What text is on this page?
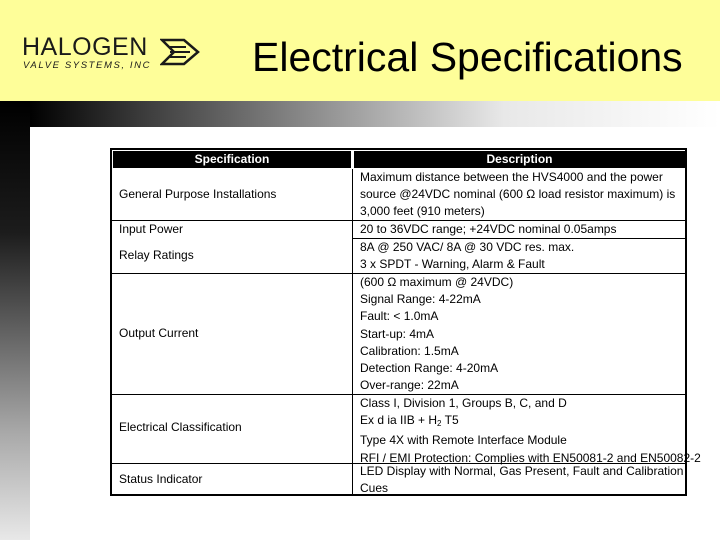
HALOGEN
VALVE SYSTEMS, INC Electrical Specifications
Specification	Description
General Purpose Installations
Maximum distance between the HVS4000 and the power
source @24VDC nominal (600 Ω load resistor maximum) is
3,000 feet (910 meters)
Input Power	20 to 36VDC range; +24VDC nominal 0.05amps
Relay Ratings
8A @ 250 VAC/ 8A @ 30 VDC res. max.
3 x SPDT - Warning, Alarm & Fault
Output Current
(600 Ω maximum @ 24VDC)
Signal Range: 4-22mA
Fault: < 1.0mA
Start-up: 4mA
Calibration: 1.5mA
Detection Range: 4-20mA
Over-range: 22mA
Electrical Classification
Class I, Division 1, Groups B, C, and D
Ex d ia IIB + $H_2$ T5
Type 4X with Remote Interface Module
RFI / EMI Protection: Complies with EN50081-2 and EN50082-2
Status Indicator
LED Display with Normal, Gas Present, Fault and Calibration
Cues
